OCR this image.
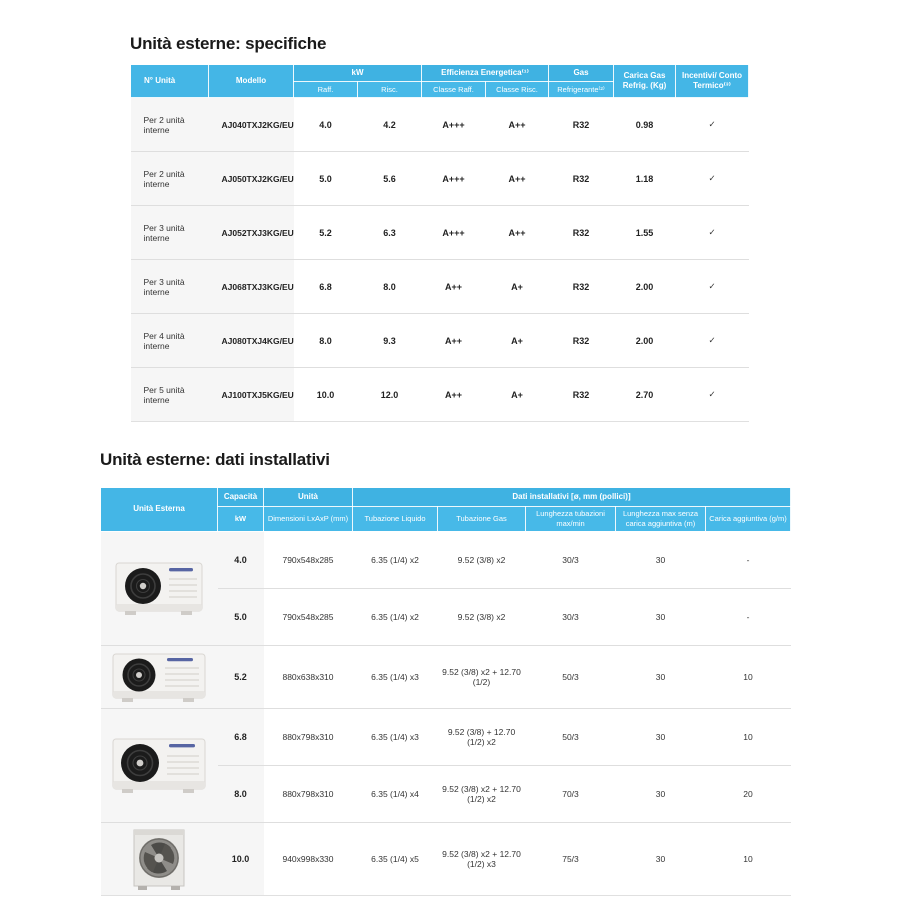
Unità esterne: specifiche
N° Unità	Modello	kW		Efficienza Energetica⁽¹⁾		Gas	Carica Gas Refrig. (Kg)	Incentivi/ Conto Termico⁽³⁾
		Raff.	Risc.	Classe Raff.	Classe Risc.	Refrigerante⁽²⁾		
Per 2 unità interne	AJ040TXJ2KG/EU	4.0	4.2	A+++	A++	R32	0.98	✓
Per 2 unità interne	AJ050TXJ2KG/EU	5.0	5.6	A+++	A++	R32	1.18	✓
Per 3 unità interne	AJ052TXJ3KG/EU	5.2	6.3	A+++	A++	R32	1.55	✓
Per 3 unità interne	AJ068TXJ3KG/EU	6.8	8.0	A++	A+	R32	2.00	✓
Per 4 unità interne	AJ080TXJ4KG/EU	8.0	9.3	A++	A+	R32	2.00	✓
Per 5 unità interne	AJ100TXJ5KG/EU	10.0	12.0	A++	A+	R32	2.70	✓
Unità esterne: dati installativi
Unità Esterna	Capacità	Unità	Dati installativi [ø, mm (pollici)]				
	kW	Dimensioni LxAxP (mm)	Tubazione Liquido	Tubazione Gas	Lunghezza tubazioni max/min	Lunghezza max senza carica aggiuntiva (m)	Carica aggiuntiva (g/m)

	4.0	790x548x285	6.35 (1/4) x2	9.52 (3/8) x2	30/3	30	-
	5.0	790x548x285	6.35 (1/4) x2	9.52 (3/8) x2	30/3	30	-

	5.2	880x638x310	6.35 (1/4) x3	9.52 (3/8) x2 + 12.70 (1/2)	50/3	30	10

	6.8	880x798x310	6.35 (1/4) x3	9.52 (3/8) + 12.70 (1/2) x2	50/3	30	10
	8.0	880x798x310	6.35 (1/4) x4	9.52 (3/8) x2 + 12.70 (1/2) x2	70/3	30	20

	10.0	940x998x330	6.35 (1/4) x5	9.52 (3/8) x2 + 12.70 (1/2) x3	75/3	30	10
